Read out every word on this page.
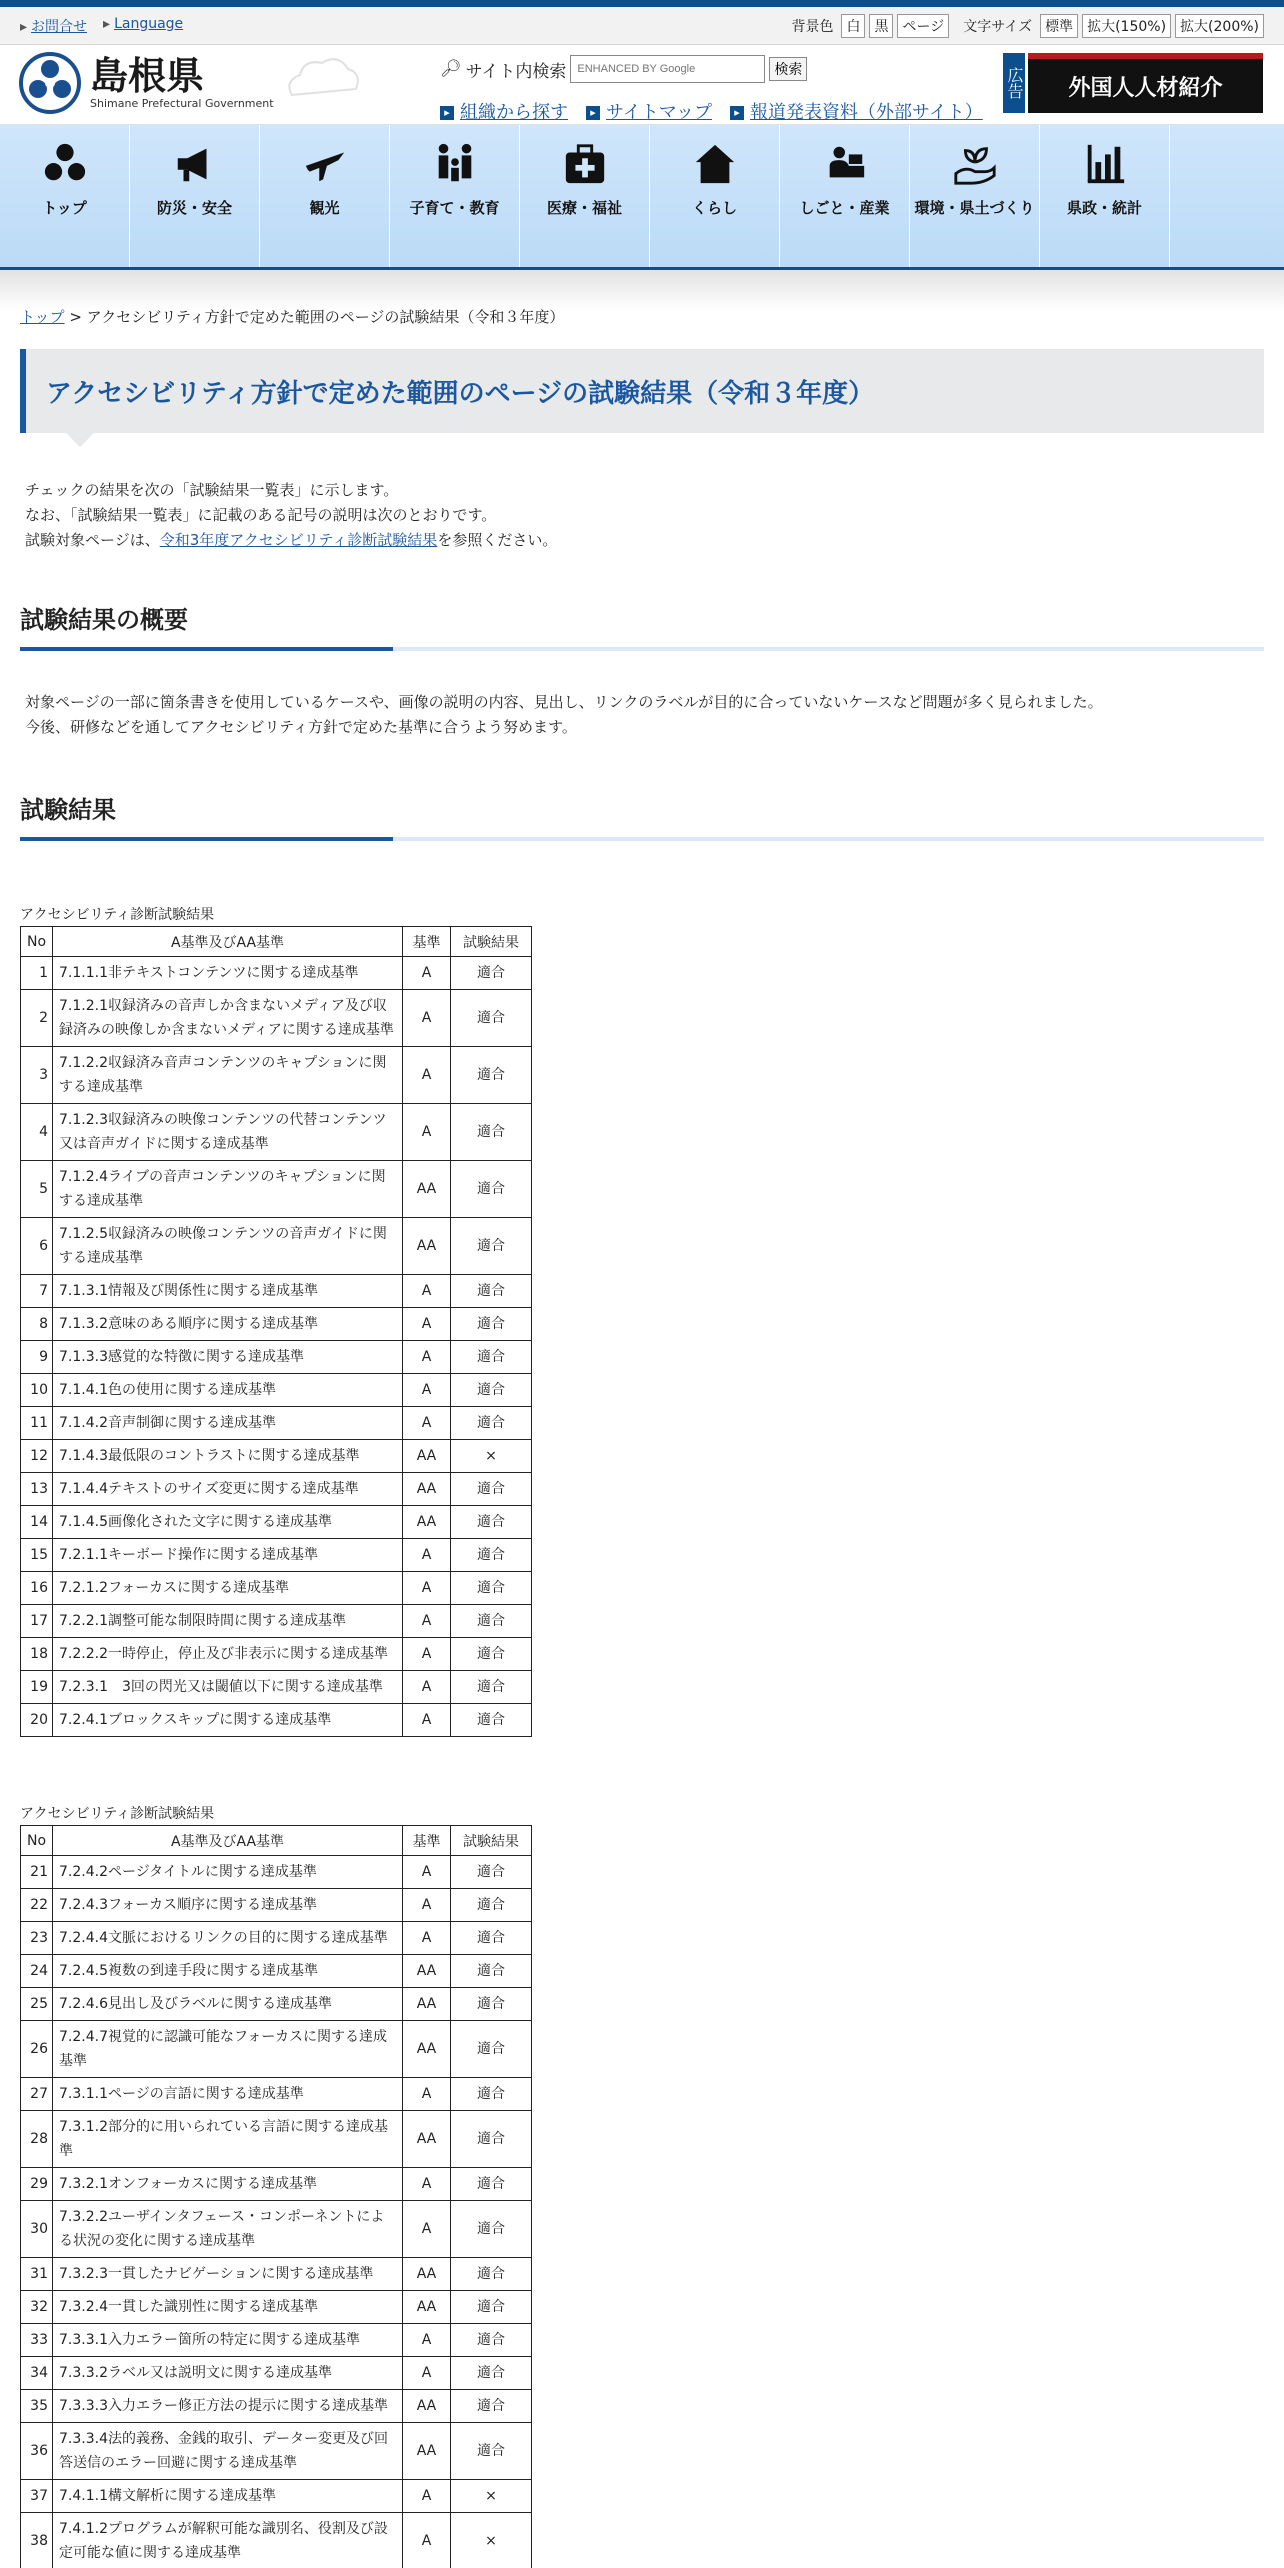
▸ お問合せ	▸ Language	背景色 白	黒	ページ	文字サイズ 標準	拡大(150%)	拡大(200%)
島根県
Shimane Prefectural Government
🔎︎ サイト内検索
ENHANCED BY Google	検索
▸ 組織から探す	▸ サイトマップ	▸ 報道発表資料（外部サイト）
広告	外国人人材紹介
トップ	防災・安全	観光	子育て・教育	医療・福祉	くらし	しごと・産業 環境・県土づくり 県政・統計
トップ > アクセシビリティ方針で定めた範囲のページの試験結果（令和３年度）
アクセシビリティ方針で定めた範囲のページの試験結果（令和３年度）
チェックの結果を次の「試験結果一覧表」に示します。
なお、「試験結果一覧表」に記載のある記号の説明は次のとおりです。
試験対象ページは、令和3年度アクセシビリティ診断試験結果を参照ください。
試験結果の概要
対象ページの一部に箇条書きを使用しているケースや、画像の説明の内容、見出し、リンクのラベルが目的に合っていないケースなど問題が多く見られました。
今後、研修などを通してアクセシビリティ方針で定めた基準に合うよう努めます。
試験結果
アクセシビリティ診断試験結果
No	A基準及びAA基準	基準	試験結果
1	7.1.1.1非テキストコンテンツに関する達成基準	A	適合
2	7.1.2.1収録済みの音声しか含まないメディア及び収録済みの映像しか含まないメディアに関する達成基準	A	適合
3	7.1.2.2収録済み音声コンテンツのキャプションに関する達成基準	A	適合
4	7.1.2.3収録済みの映像コンテンツの代替コンテンツ又は音声ガイドに関する達成基準	A	適合
5	7.1.2.4ライブの音声コンテンツのキャプションに関する達成基準	AA	適合
6	7.1.2.5収録済みの映像コンテンツの音声ガイドに関する達成基準	AA	適合
7	7.1.3.1情報及び関係性に関する達成基準	A	適合
8	7.1.3.2意味のある順序に関する達成基準	A	適合
9	7.1.3.3感覚的な特徴に関する達成基準	A	適合
10	7.1.4.1色の使用に関する達成基準	A	適合
11	7.1.4.2音声制御に関する達成基準	A	適合
12	7.1.4.3最低限のコントラストに関する達成基準	AA	×
13	7.1.4.4テキストのサイズ変更に関する達成基準	AA	適合
14	7.1.4.5画像化された文字に関する達成基準	AA	適合
15	7.2.1.1キーボード操作に関する達成基準	A	適合
16	7.2.1.2フォーカスに関する達成基準	A	適合
17	7.2.2.1調整可能な制限時間に関する達成基準	A	適合
18	7.2.2.2一時停止，停止及び非表示に関する達成基準	A	適合
19	7.2.3.1　3回の閃光又は閾値以下に関する達成基準	A	適合
20	7.2.4.1ブロックスキップに関する達成基準	A	適合
アクセシビリティ診断試験結果
No	A基準及びAA基準	基準	試験結果
21	7.2.4.2ページタイトルに関する達成基準	A	適合
22	7.2.4.3フォーカス順序に関する達成基準	A	適合
23	7.2.4.4文脈におけるリンクの目的に関する達成基準	A	適合
24	7.2.4.5複数の到達手段に関する達成基準	AA	適合
25	7.2.4.6見出し及びラベルに関する達成基準	AA	適合
26	7.2.4.7視覚的に認識可能なフォーカスに関する達成基準	AA	適合
27	7.3.1.1ページの言語に関する達成基準	A	適合
28	7.3.1.2部分的に用いられている言語に関する達成基準	AA	適合
29	7.3.2.1オンフォーカスに関する達成基準	A	適合
30	7.3.2.2ユーザインタフェース・コンポーネントによる状況の変化に関する達成基準	A	適合
31	7.3.2.3一貫したナビゲーションに関する達成基準	AA	適合
32	7.3.2.4一貫した識別性に関する達成基準	AA	適合
33	7.3.3.1入力エラー箇所の特定に関する達成基準	A	適合
34	7.3.3.2ラベル又は説明文に関する達成基準	A	適合
35	7.3.3.3入力エラー修正方法の提示に関する達成基準	AA	適合
36	7.3.3.4法的義務、金銭的取引、データー変更及び回答送信のエラー回避に関する達成基準	AA	適合
37	7.4.1.1構文解析に関する達成基準	A	×
38	7.4.1.2プログラムが解釈可能な識別名、役割及び設定可能な値に関する達成基準	A	×
